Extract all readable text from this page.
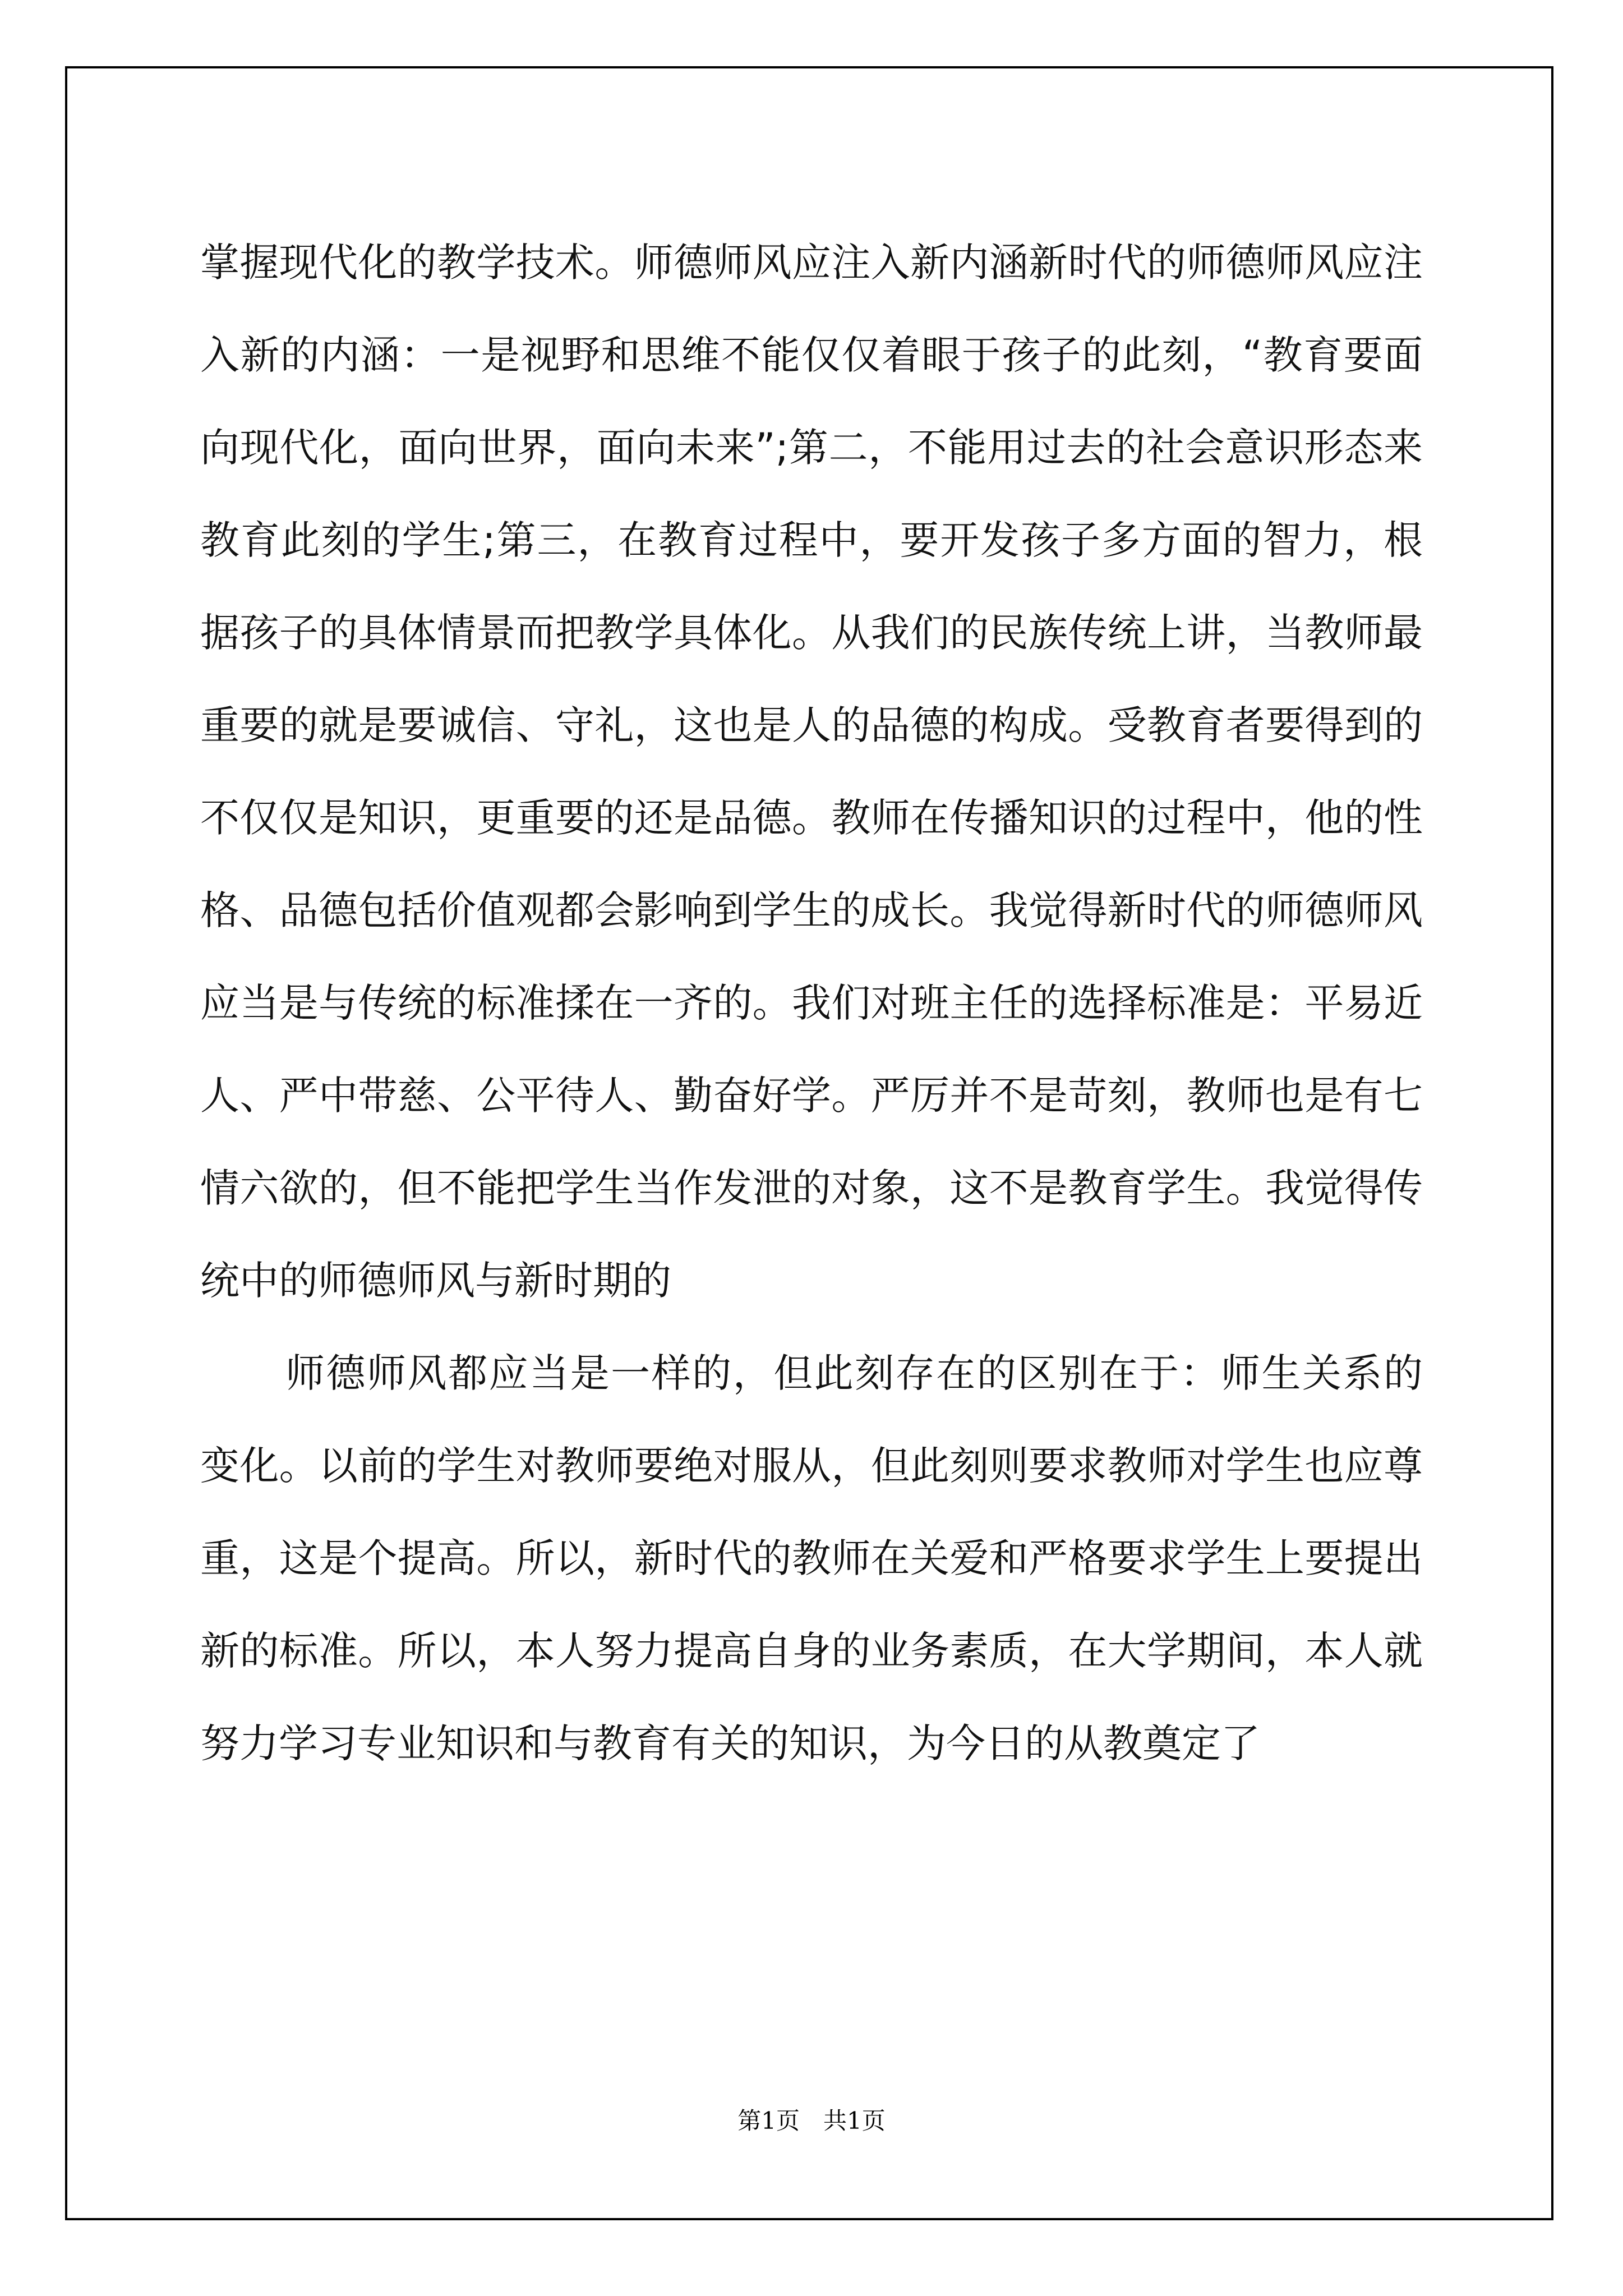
掌握现代化的教学技术。师德师风应注入新内涵新时代的师德师风应注入新的内涵：一是视野和思维不能仅仅着眼于孩子的此刻，“教育要面向现代化，面向世界，面向未来”;第二，不能用过去的社会意识形态来教育此刻的学生;第三，在教育过程中，要开发孩子多方面的智力，根据孩子的具体情景而把教学具体化。从我们的民族传统上讲，当教师最重要的就是要诚信、守礼，这也是人的品德的构成。受教育者要得到的不仅仅是知识，更重要的还是品德。教师在传播知识的过程中，他的性格、品德包括价值观都会影响到学生的成长。我觉得新时代的师德师风应当是与传统的标准揉在一齐的。我们对班主任的选择标准是：平易近人、严中带慈、公平待人、勤奋好学。严厉并不是苛刻，教师也是有七情六欲的，但不能把学生当作发泄的对象，这不是教育学生。我觉得传统中的师德师风与新时期的

师德师风都应当是一样的，但此刻存在的区别在于：师生关系的变化。以前的学生对教师要绝对服从，但此刻则要求教师对学生也应尊重，这是个提高。所以，新时代的教师在关爱和严格要求学生上要提出新的标准。所以，本人努力提高自身的业务素质，在大学期间，本人就努力学习专业知识和与教育有关的知识，为今日的从教奠定了

第1页　共1页
